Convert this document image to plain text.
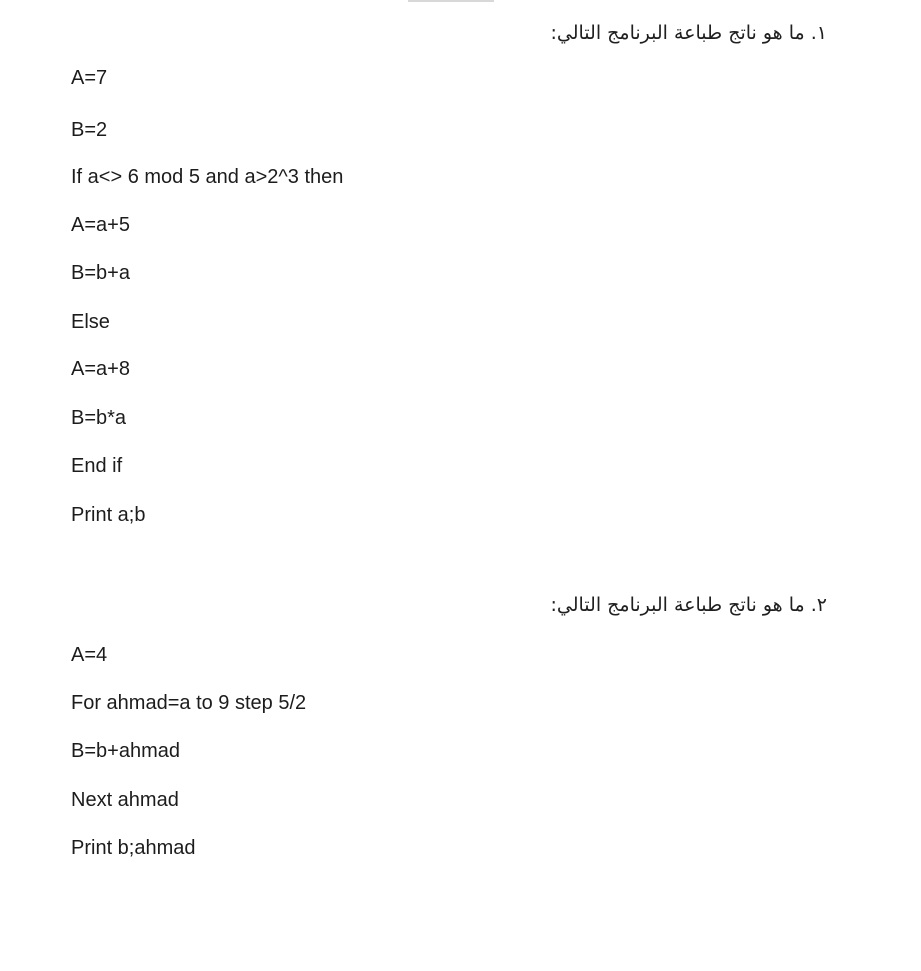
١. ما هو ناتج طباعة البرنامج التالي:
A=7
B=2
If a<> 6 mod 5 and a>2^3 then
A=a+5
B=b+a
Else
A=a+8
B=b*a
End if
Print a;b
٢. ما هو ناتج طباعة البرنامج التالي:
A=4
For ahmad=a to 9 step 5/2
B=b+ahmad
Next ahmad
Print b;ahmad
